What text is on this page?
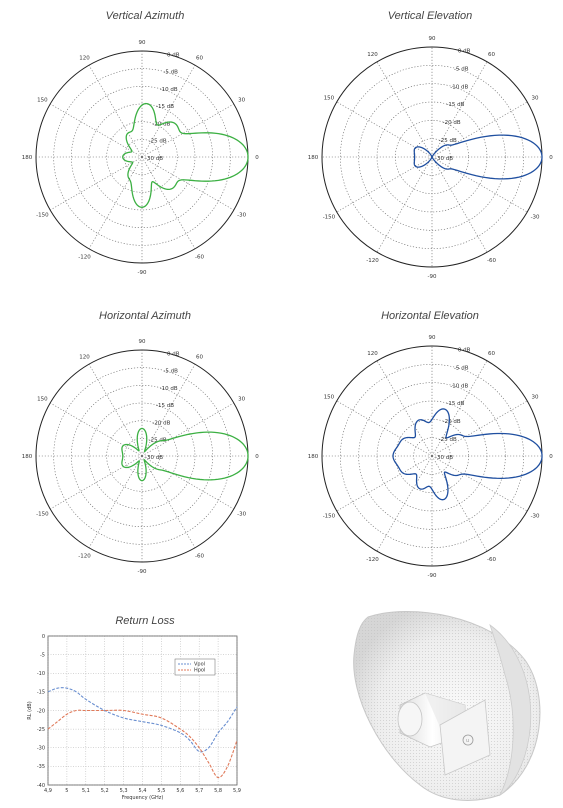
Vertical Azimuth	Vertical Elevation
Horizontal Azimuth	Horizontal Elevation
Return Loss
0
30
60
90
120
150
180
-150
-120
-90
-60
-30
0 dB
-5 dB
-10 dB
-15 dB
-20 dB
-25 dB
-30 dB	0
30
60
90
120
150
180
-150
-120
-90
-60
-30
0 dB
-5 dB
-10 dB
-15 dB
-20 dB
-25 dB
-30 dB
0
30
60
90
120
150
180
-150
-120
-90
-60
-30
0 dB
-5 dB
-10 dB
-15 dB
-20 dB
-25 dB
-30 dB	0
30
60
90
120
150
180
-150
-120
-90
-60
-30
0 dB
-5 dB
-10 dB
-15 dB
-20 dB
-25 dB
-30 dB
4,9	5	5,1 5,2 5,3 5,4 5,5 5,6 5,7 5,8 5,9
0
-5
-10
-15
-20
-25
-30
-35
-40
Frequency (GHz)
RL (dB)
Vpol
Hpol
u
